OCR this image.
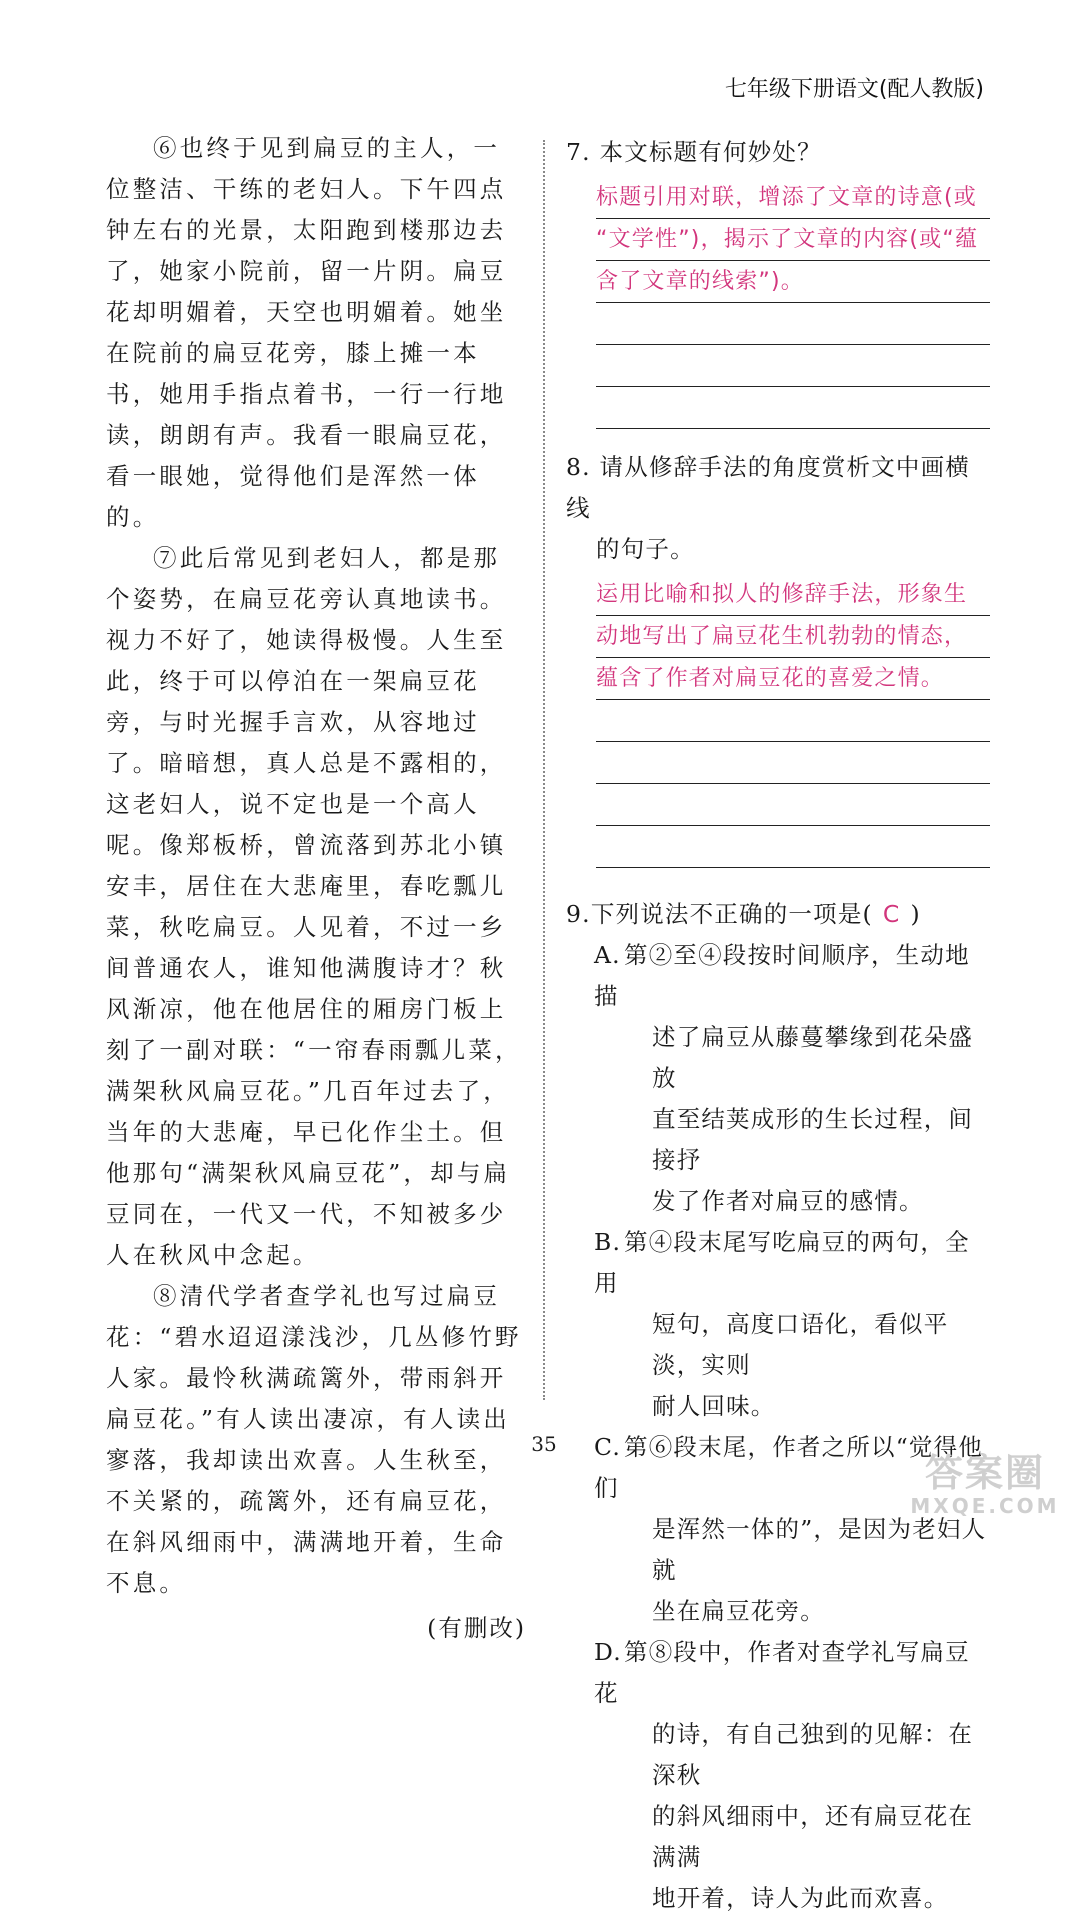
七年级下册语文(配人教版)

⑥也终于见到扁豆的主人，一位整洁、干练的老妇人。下午四点钟左右的光景，太阳跑到楼那边去了，她家小院前，留一片阴。扁豆花却明媚着，天空也明媚着。她坐在院前的扁豆花旁，膝上摊一本书，她用手指点着书，一行一行地读，朗朗有声。我看一眼扁豆花，看一眼她，觉得他们是浑然一体的。

⑦此后常见到老妇人，都是那个姿势，在扁豆花旁认真地读书。视力不好了，她读得极慢。人生至此，终于可以停泊在一架扁豆花旁，与时光握手言欢，从容地过了。暗暗想，真人总是不露相的，这老妇人，说不定也是一个高人呢。像郑板桥，曾流落到苏北小镇安丰，居住在大悲庵里，春吃瓢儿菜，秋吃扁豆。人见着，不过一乡间普通农人，谁知他满腹诗才？秋风渐凉，他在他居住的厢房门板上刻了一副对联：“一帘春雨瓢儿菜，满架秋风扁豆花。”几百年过去了，当年的大悲庵，早已化作尘土。但他那句“满架秋风扁豆花”，却与扁豆同在，一代又一代，不知被多少人在秋风中念起。

⑧清代学者查学礼也写过扁豆花：“碧水迢迢漾浅沙，几丛修竹野人家。最怜秋满疏篱外，带雨斜开扁豆花。”有人读出凄凉，有人读出寥落，我却读出欢喜。人生秋至，不关紧的，疏篱外，还有扁豆花，在斜风细雨中，满满地开着，生命不息。

(有删改)
7. 本文标题有何妙处？
标题引用对联，增添了文章的诗意(或
“文学性”)，揭示了文章的内容(或“蕴
含了文章的线索”)。
8. 请从修辞手法的角度赏析文中画横线
的句子。
运用比喻和拟人的修辞手法，形象生
动地写出了扁豆花生机勃勃的情态，
蕴含了作者对扁豆花的喜爱之情。
9.下列说法不正确的一项是( C )
A. 第②至④段按时间顺序，生动地描
述了扁豆从藤蔓攀缘到花朵盛放
直至结荚成形的生长过程，间接抒
发了作者对扁豆的感情。
B. 第④段末尾写吃扁豆的两句，全用
短句，高度口语化，看似平淡，实则
耐人回味。
C. 第⑥段末尾，作者之所以“觉得他们
是浑然一体的”，是因为老妇人就
坐在扁豆花旁。
D.第⑧段中，作者对查学礼写扁豆花
的诗，有自己独到的见解：在深秋
的斜风细雨中，还有扁豆花在满满
地开着，诗人为此而欢喜。
35
答案圈
MXQE.COM
